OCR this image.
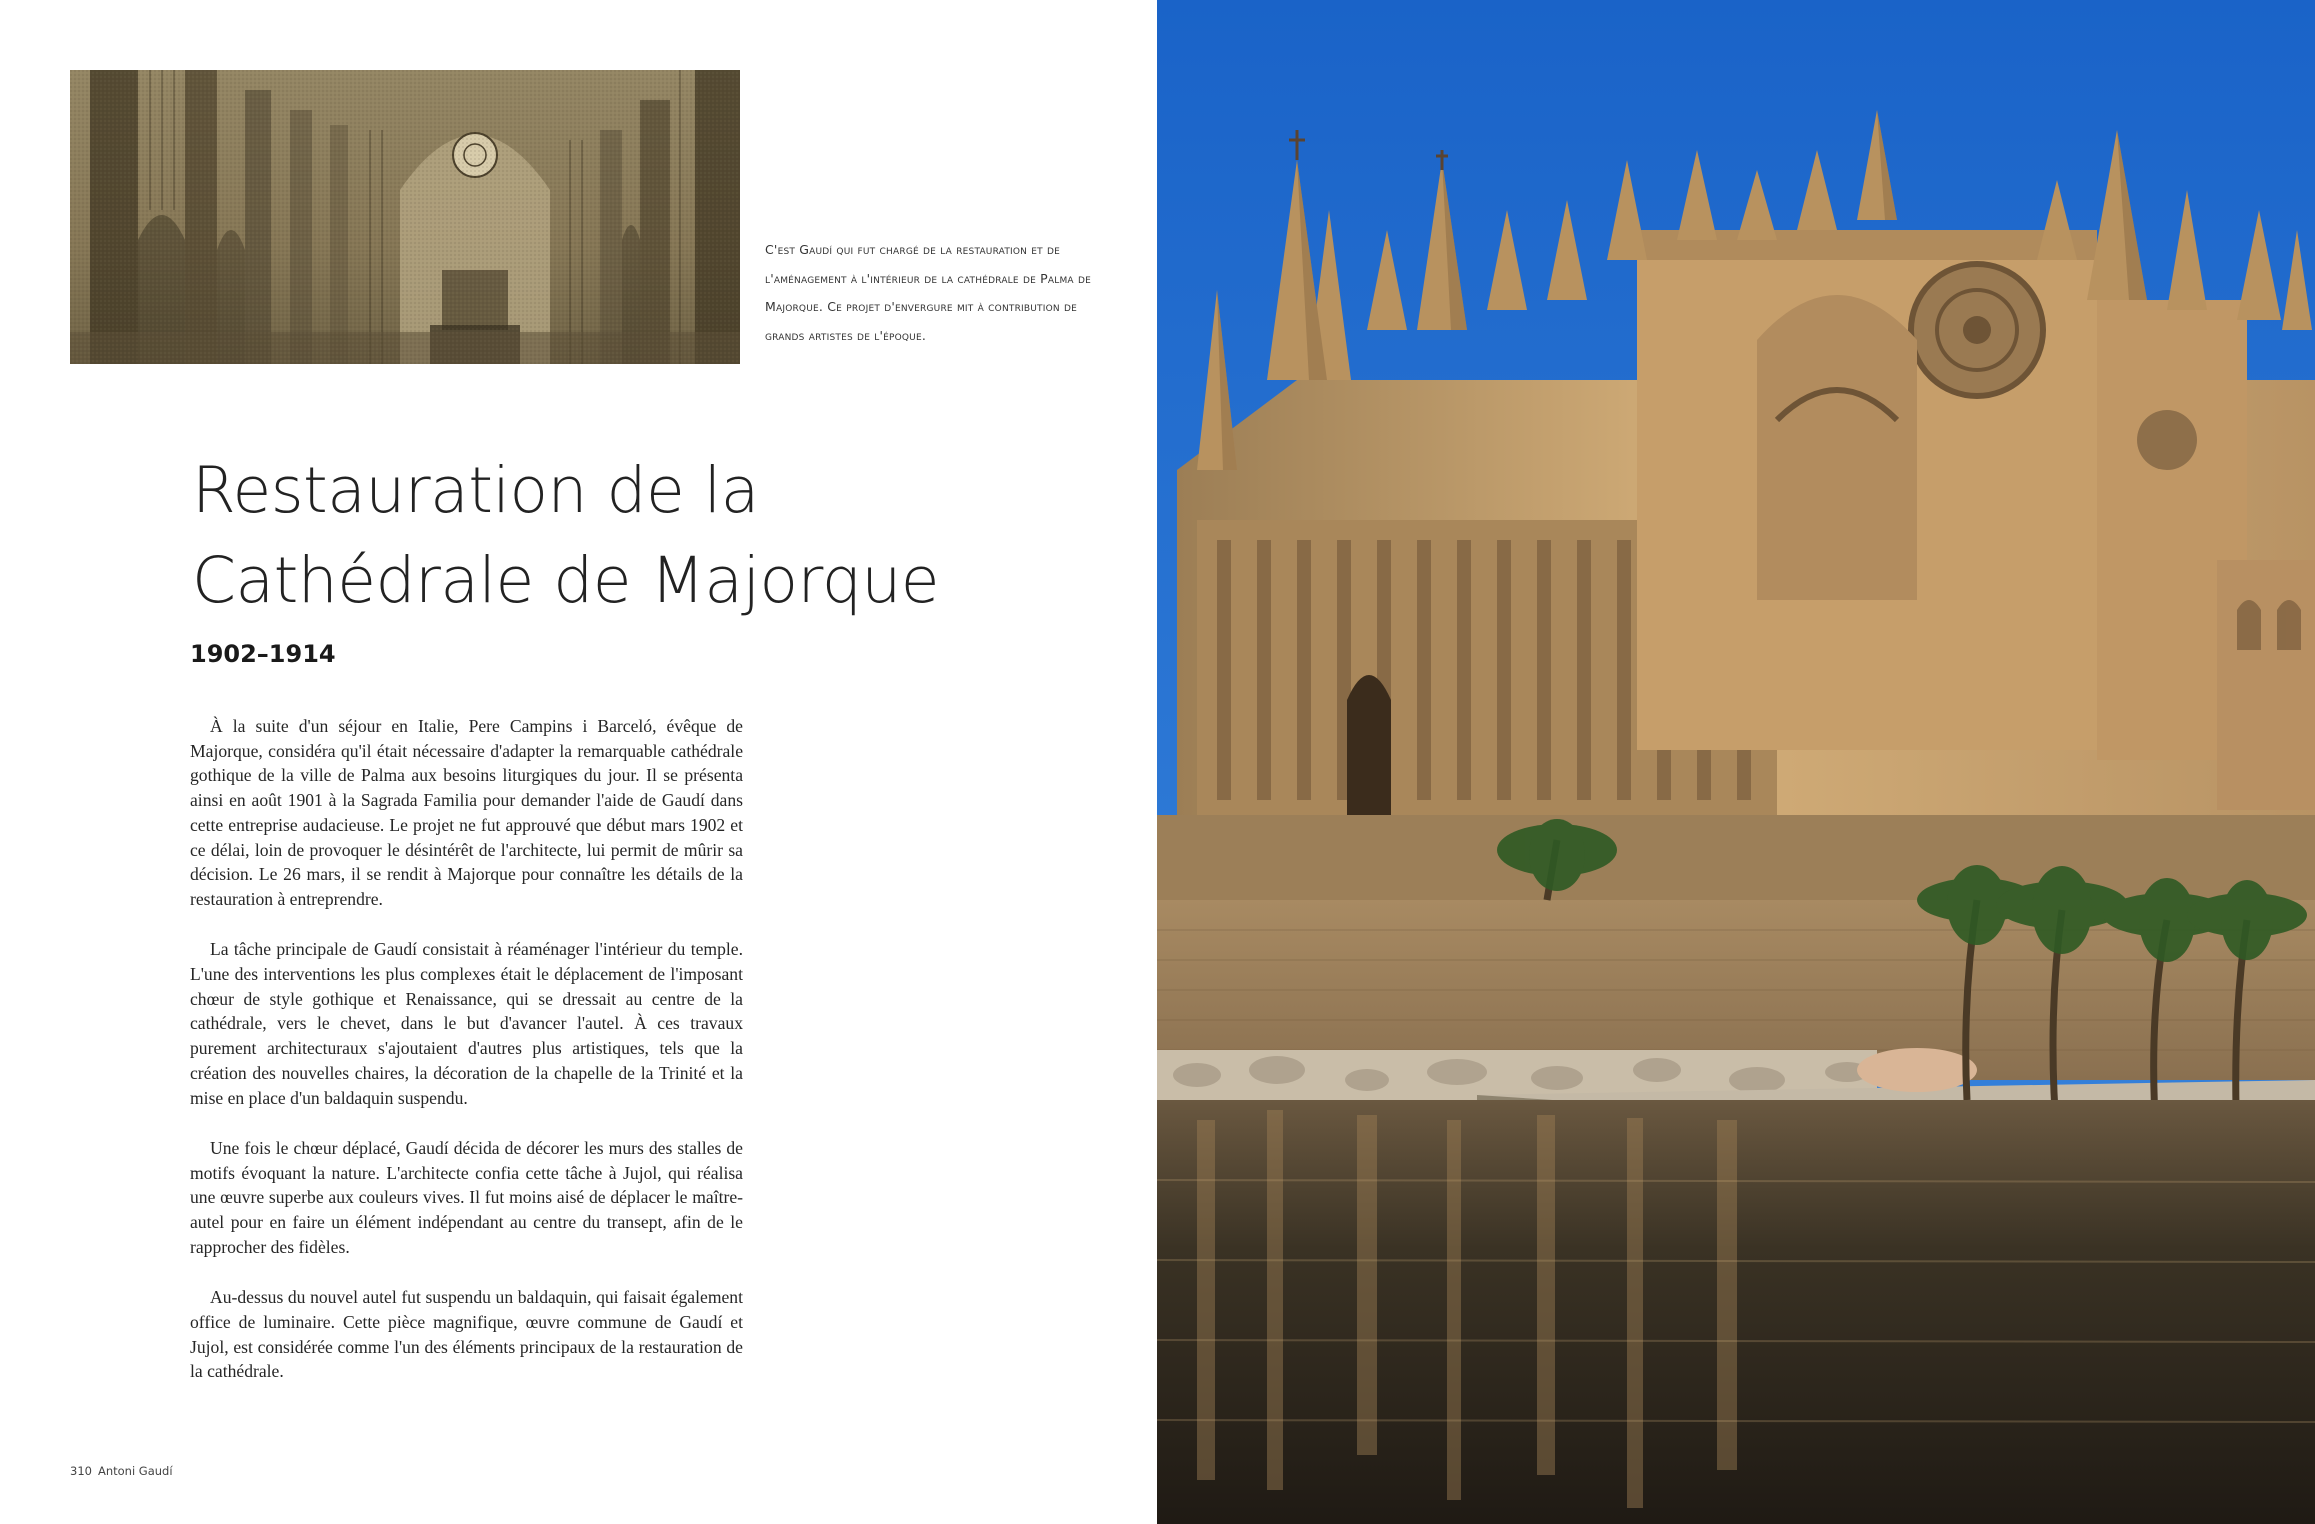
C'est Gaudí qui fut chargé de la restauration et de l'aménagement à l'intérieur de la cathédrale de Palma de Majorque. Ce projet d'envergure mit à contribution de grands artistes de l'époque.
Restauration de la
Cathédrale de Majorque
1902–1914

À la suite d'un séjour en Italie, Pere Campins i Barceló, évêque de Majorque, considéra qu'il était nécessaire d'adapter la remarquable cathédrale gothique de la ville de Palma aux besoins liturgiques du jour. Il se présenta ainsi en août 1901 à la Sagrada Familia pour demander l'aide de Gaudí dans cette entreprise audacieuse. Le projet ne fut approuvé que début mars 1902 et ce délai, loin de provoquer le désintérêt de l'architecte, lui permit de mûrir sa décision. Le 26 mars, il se rendit à Majorque pour connaître les détails de la restauration à entreprendre.

La tâche principale de Gaudí consistait à réaménager l'intérieur du temple. L'une des interventions les plus complexes était le déplacement de l'imposant chœur de style gothique et Renaissance, qui se dressait au centre de la cathédrale, vers le chevet, dans le but d'avancer l'autel. À ces travaux purement architecturaux s'ajoutaient d'autres plus artistiques, tels que la création des nouvelles chaires, la décoration de la chapelle de la Trinité et la mise en place d'un baldaquin suspendu.

Une fois le chœur déplacé, Gaudí décida de décorer les murs des stalles de motifs évoquant la nature. L'architecte confia cette tâche à Jujol, qui réalisa une œuvre superbe aux couleurs vives. Il fut moins aisé de déplacer le maître-autel pour en faire un élément indépendant au centre du transept, afin de le rapprocher des fidèles.

Au-dessus du nouvel autel fut suspendu un baldaquin, qui faisait également office de luminaire. Cette pièce magnifique, œuvre commune de Gaudí et Jujol, est considérée comme l'un des éléments principaux de la restauration de la cathédrale.

310 Antoni Gaudí
